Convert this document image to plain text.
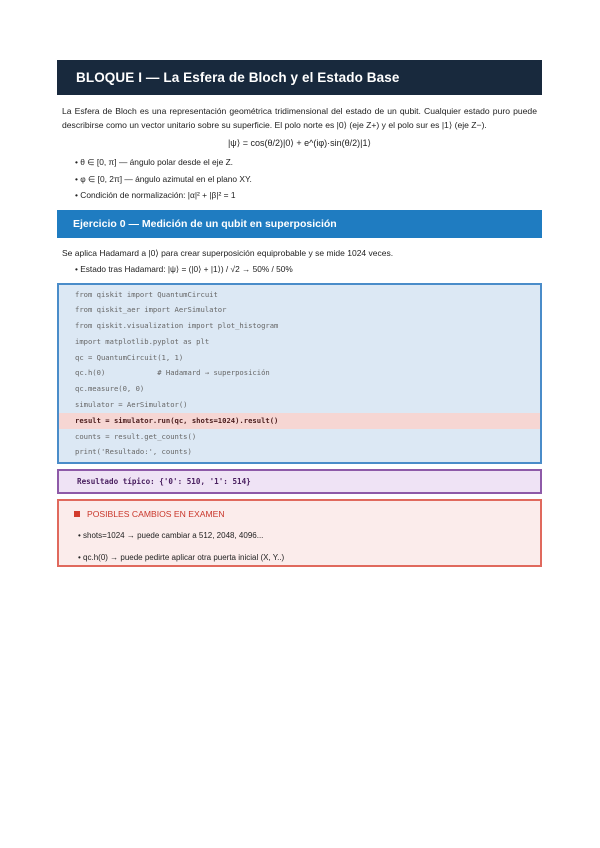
BLOQUE I — La Esfera de Bloch y el Estado Base
La Esfera de Bloch es una representación geométrica tridimensional del estado de un qubit. Cualquier estado puro puede describirse como un vector unitario sobre su superficie. El polo norte es |0⟩ (eje Z+) y el polo sur es |1⟩ (eje Z−).
|ψ⟩ = cos(θ/2)|0⟩ + e^(iφ)·sin(θ/2)|1⟩
• θ ∈ [0, π] — ángulo polar desde el eje Z.
• φ ∈ [0, 2π] — ángulo azimutal en el plano XY.
• Condición de normalización: |α|² + |β|² = 1
Ejercicio 0 — Medición de un qubit en superposición
Se aplica Hadamard a |0⟩ para crear superposición equiprobable y se mide 1024 veces.
• Estado tras Hadamard: |ψ⟩ = (|0⟩ + |1⟩) / √2 → 50% / 50%
from qiskit import QuantumCircuit
from qiskit_aer import AerSimulator
from qiskit.visualization import plot_histogram
import matplotlib.pyplot as plt
qc = QuantumCircuit(1, 1)
qc.h(0)            # Hadamard → superposición
qc.measure(0, 0)
simulator = AerSimulator()
result = simulator.run(qc, shots=1024).result()
counts = result.get_counts()
print('Resultado:', counts)
Resultado típico: {'0': 510, '1': 514}
POSIBLES CAMBIOS EN EXAMEN
• shots=1024 → puede cambiar a 512, 2048, 4096...
• qc.h(0) → puede pedirte aplicar otra puerta inicial (X, Y..)
